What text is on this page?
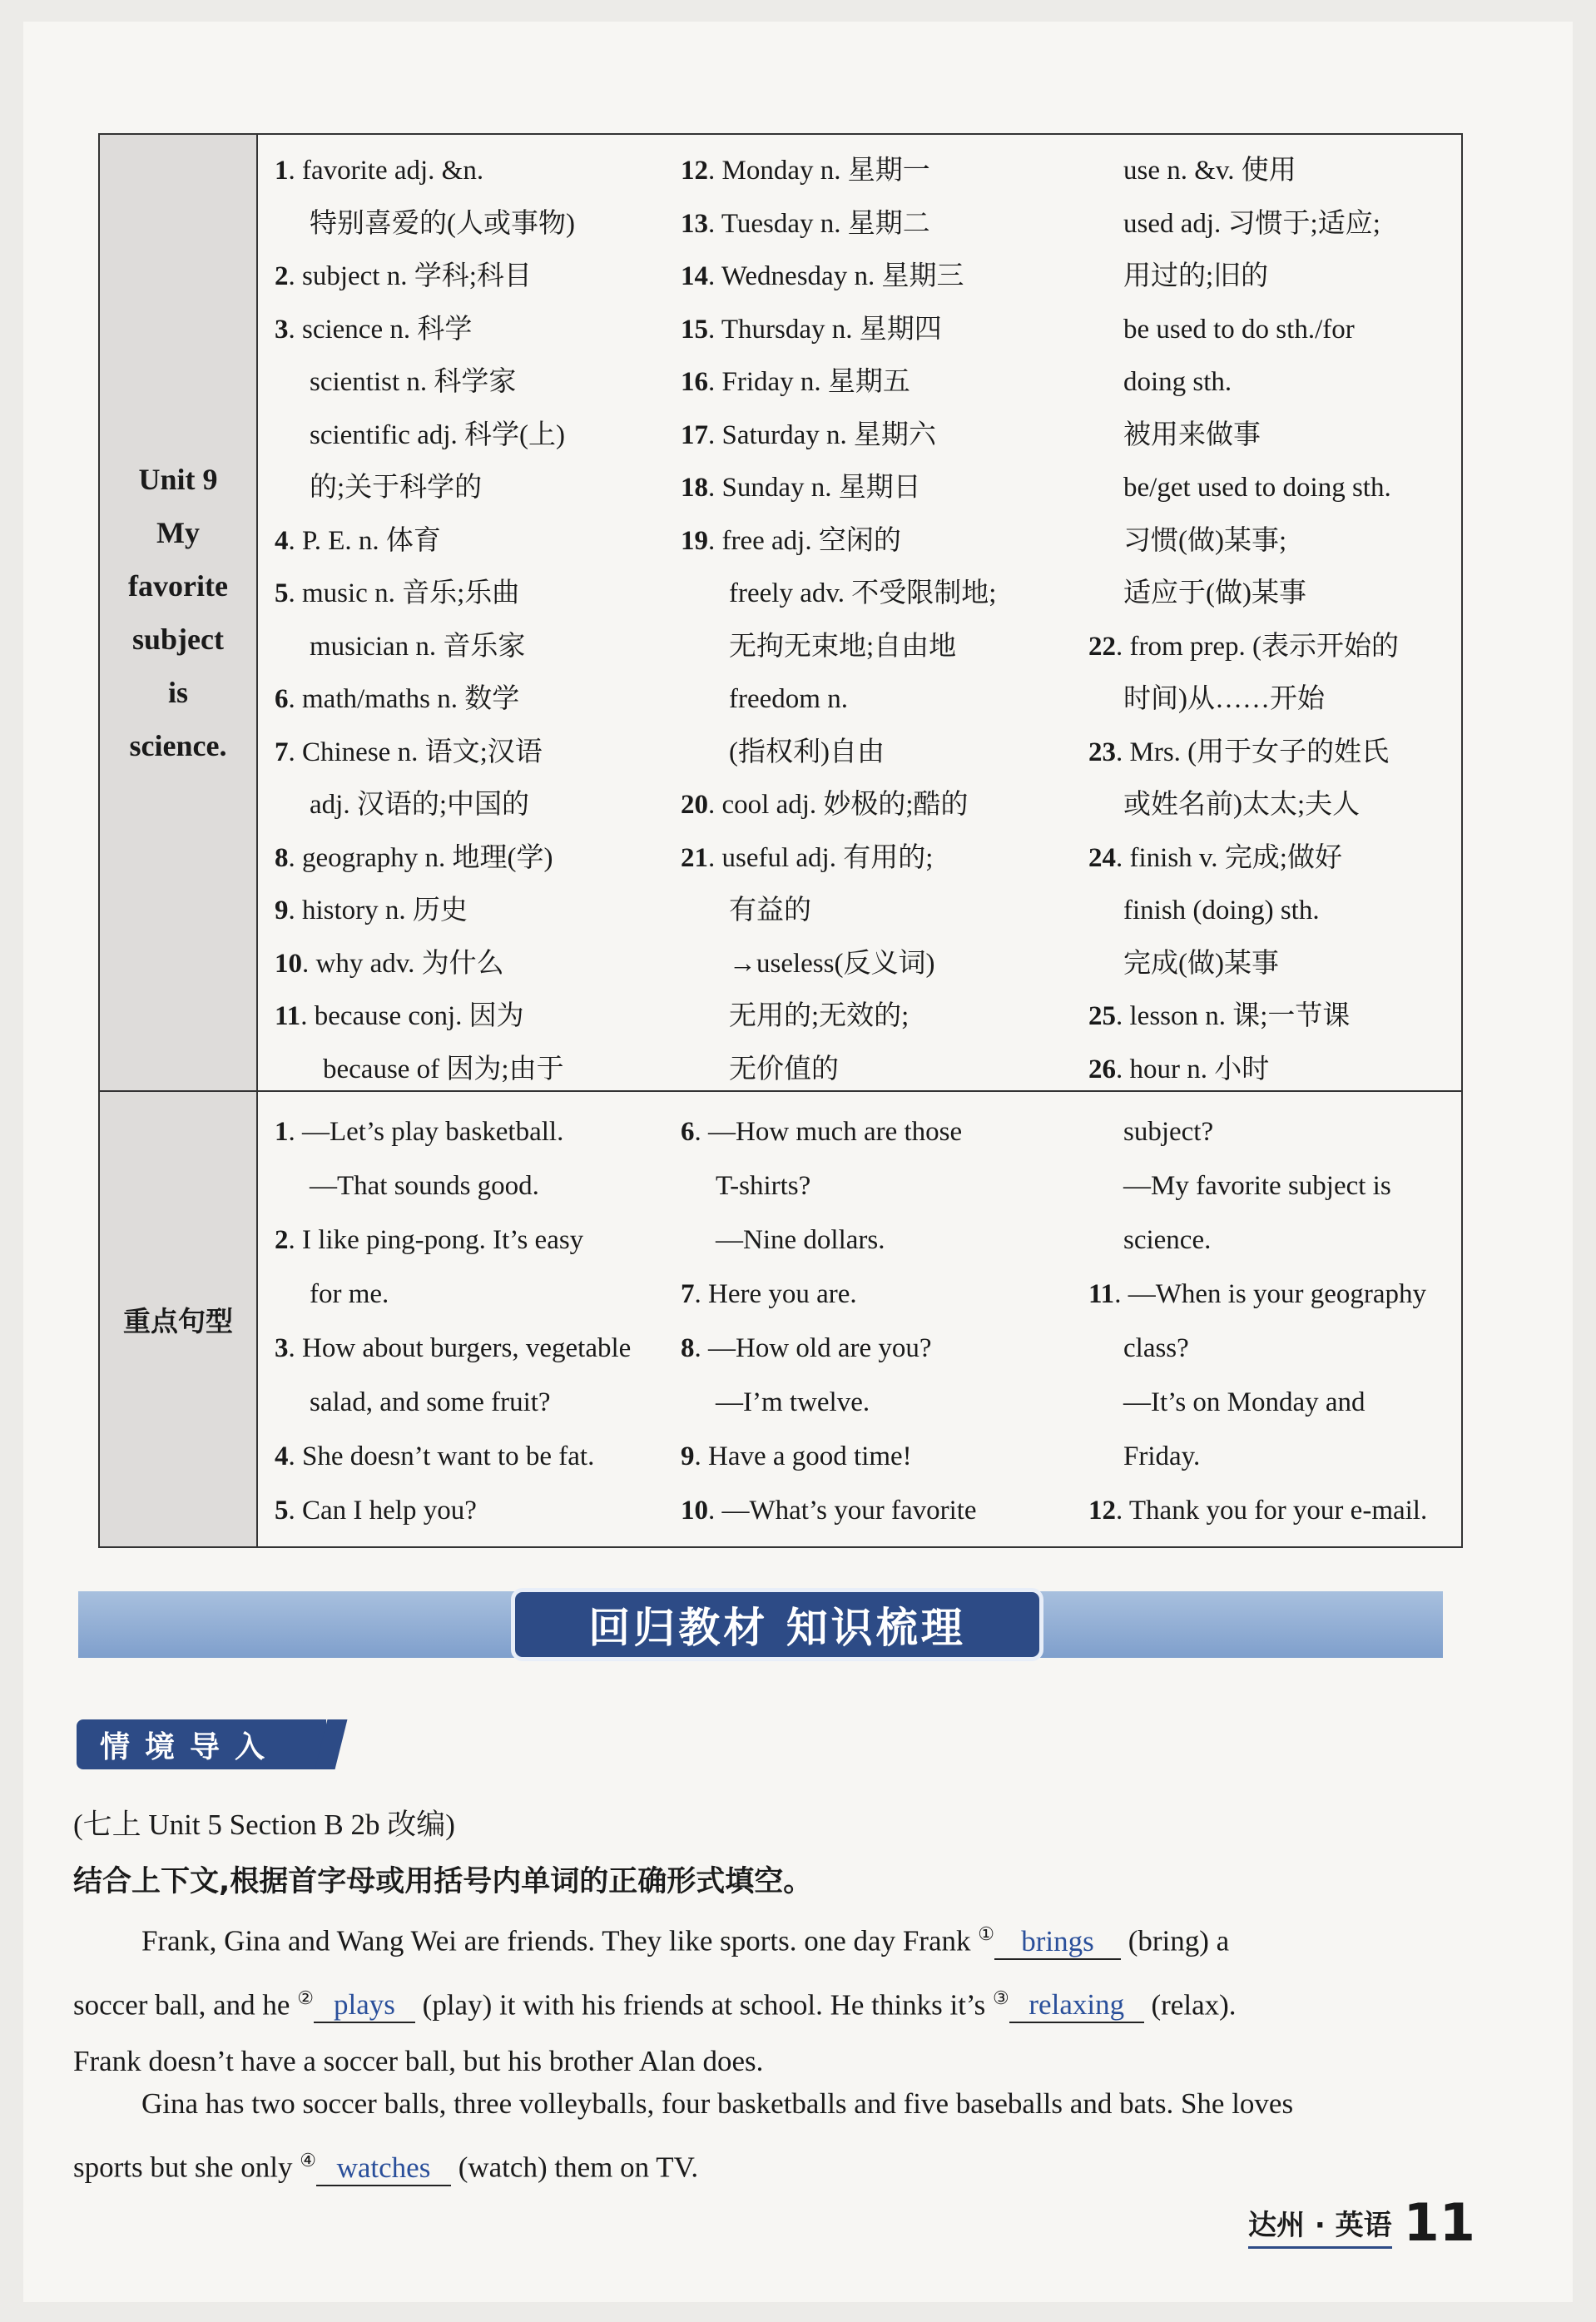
Unit 9
My
favorite
subject
is
science.
1. favorite adj. &n.
特别喜爱的(人或事物)
2. subject n. 学科;科目
3. science n. 科学
scientist n. 科学家
scientific adj. 科学(上)
的;关于科学的
4. P. E. n. 体育
5. music n. 音乐;乐曲
musician n. 音乐家
6. math/maths n. 数学
7. Chinese n. 语文;汉语
adj. 汉语的;中国的
8. geography n. 地理(学)
9. history n. 历史
10. why adv. 为什么
11. because conj. 因为
because of 因为;由于
12. Monday n. 星期一
13. Tuesday n. 星期二
14. Wednesday n. 星期三
15. Thursday n. 星期四
16. Friday n. 星期五
17. Saturday n. 星期六
18. Sunday n. 星期日
19. free adj. 空闲的
freely adv. 不受限制地;
无拘无束地;自由地
freedom n.
(指权利)自由
20. cool adj. 妙极的;酷的
21. useful adj. 有用的;
有益的
→useless(反义词)
无用的;无效的;
无价值的
use n. &v. 使用
used adj. 习惯于;适应;
用过的;旧的
be used to do sth./for
doing sth.
被用来做事
be/get used to doing sth.
习惯(做)某事;
适应于(做)某事
22. from prep. (表示开始的
时间)从……开始
23. Mrs. (用于女子的姓氏
或姓名前)太太;夫人
24. finish v. 完成;做好
finish (doing) sth.
完成(做)某事
25. lesson n. 课;一节课
26. hour n. 小时
重点句型
1. —Let’s play basketball.
—That sounds good.
2. I like ping-pong. It’s easy
for me.
3. How about burgers, vegetable
salad, and some fruit?
4. She doesn’t want to be fat.
5. Can I help you?
6. —How much are those
T-shirts?
—Nine dollars.
7. Here you are.
8. —How old are you?
—I’m twelve.
9. Have a good time!
10. —What’s your favorite
subject?
—My favorite subject is
science.
11. —When is your geography
class?
—It’s on Monday and
Friday.
12. Thank you for your e-mail.
回归教材 知识梳理
情境导入
(七上 Unit 5 Section B 2b 改编)
结合上下文,根据首字母或用括号内单词的正确形式填空。
Frank, Gina and Wang Wei are friends. They like sports. one day Frank ① brings (bring) a
soccer ball, and he ② plays (play) it with his friends at school. He thinks it’s ③ relaxing (relax).
Frank doesn’t have a soccer ball, but his brother Alan does.
Gina has two soccer balls, three volleyballs, four basketballs and five baseballs and bats. She loves
sports but she only ④ watches (watch) them on TV.
达州 · 英语 11
